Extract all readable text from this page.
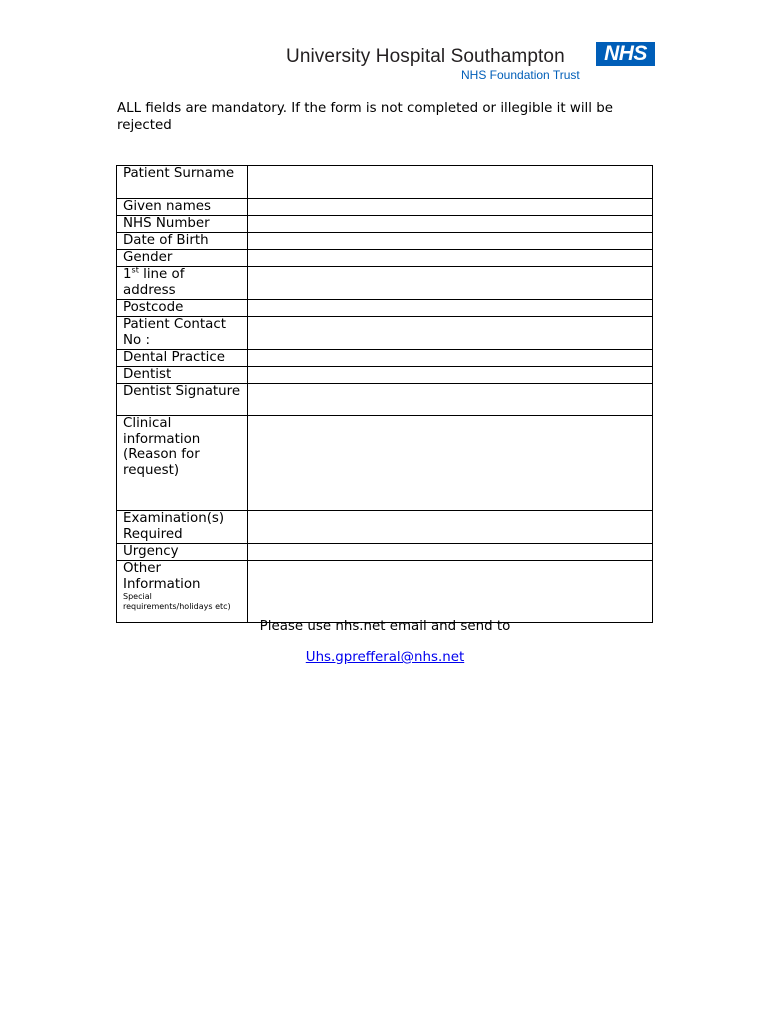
University Hospital Southampton
NHS Foundation Trust
NHS
ALL fields are mandatory. If the form is not completed or illegible it will be rejected
Patient Surname	
Given names	
NHS Number	
Date of Birth	
Gender	
1st line of address	
Postcode	
Patient Contact No :	
Dental Practice	
Dentist	
Dentist Signature	
Clinical information (Reason for request)	
Examination(s) Required	
Urgency	
Other Information
Special requirements/holidays etc)	

Please use nhs.net email and send to
Uhs.gprefferal@nhs.net
